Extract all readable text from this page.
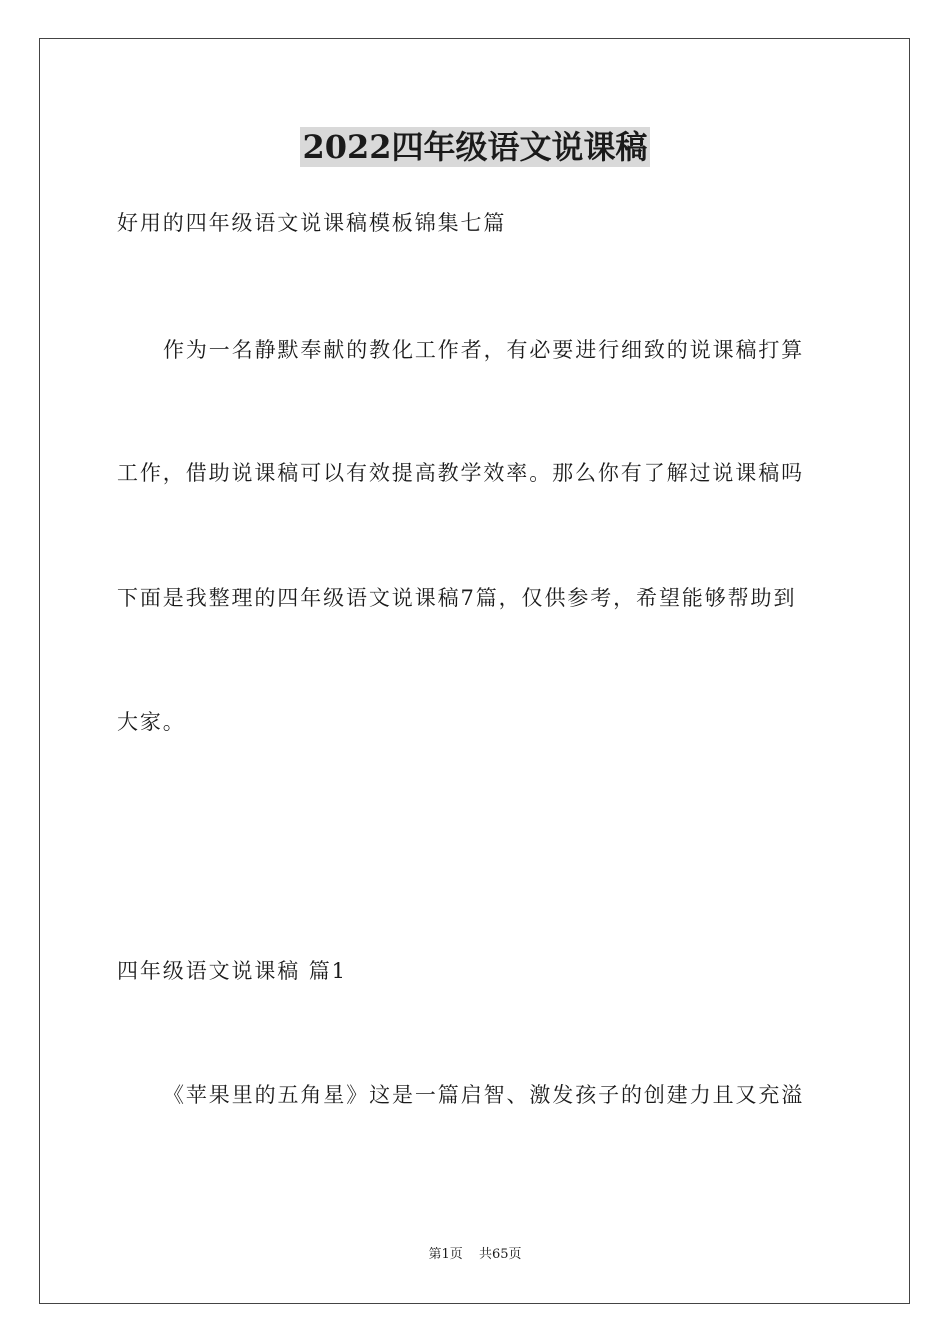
2022四年级语文说课稿
好用的四年级语文说课稿模板锦集七篇
作为一名静默奉献的教化工作者，有必要进行细致的说课稿打算
工作，借助说课稿可以有效提高教学效率。那么你有了解过说课稿吗
下面是我整理的四年级语文说课稿7篇，仅供参考，希望能够帮助到
大家。
四年级语文说课稿 篇1
《苹果里的五角星》这是一篇启智、激发孩子的创建力且又充溢
第1页 共65页
